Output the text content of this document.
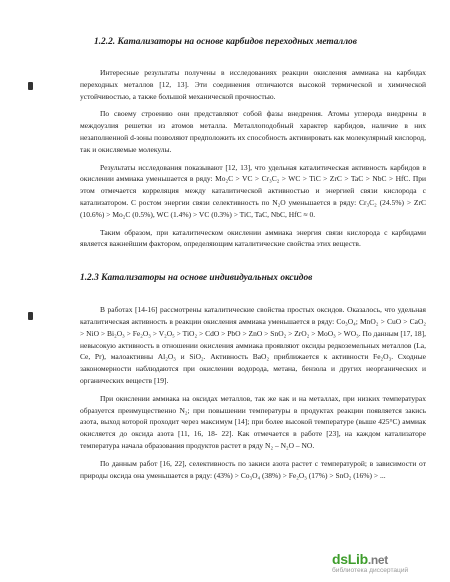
1.2.2. Катализаторы на основе карбидов переходных металлов

Интересные результаты получены в исследованиях реакции окисления аммиака на карбидах переходных металлов [12, 13]. Эти соединения отличаются высокой термической и химической устойчивостью, а также большой механической прочностью.

По своему строению они представляют собой фазы внедрения. Атомы углерода внедрены в междоузлия решетки из атомов металла. Металлоподобный характер карбидов, наличие в них незаполненной d-зоны позволяют предположить их способность активировать как молекулярный кислород, так и окисляемые молекулы.

Результаты исследования показывают [12, 13], что удельная каталитическая активность карбидов в окислении аммиака уменьшается в ряду: Mo₂C > VC > Cr₃C₂ > WC > TiC > ZrC > TaC > NbC > HfC. При этом отмечается корреляция между каталитической активностью и энергией связи кислорода с катализатором. С ростом энергии связи селективность по N₂O уменьшается в ряду: Cr₃C₂ (24.5%) > ZrC (10.6%) > Mo₂C (0.5%), WC (1.4%) > VC (0.3%) > TiC, TaC, NbC, HfC ≈ 0.

Таким образом, при каталитическом окислении аммиака энергия связи кислорода с карбидами является важнейшим фактором, определяющим каталитические свойства этих веществ.

1.2.3 Катализаторы на основе индивидуальных оксидов

В работах [14-16] рассмотрены каталитические свойства простых оксидов. Оказалось, что удельная каталитическая активность в реакции окисления аммиака уменьшается в ряду: Co₃O₄; MnO₂ > CuO > CaO₂ > NiO > Bi₂O₃ > Fe₂O₃ > V₂O₅ > TiO₂ > CdO > PbO > ZnO > SnO₂ > ZrO₂ > MoO₃ > WO₃. По данным [17, 18], невысокую активность в отношении окисления аммиака проявляют оксиды редкоземельных металлов (La, Ce, Pr), малоактивны Al₂O₃ и SiO₂. Активность BaO₂ приближается к активности Fe₂O₃. Сходные закономерности наблюдаются при окислении водорода, метана, бензола и других неорганических и органических веществ [19].

При окислении аммиака на оксидах металлов, так же как и на металлах, при низких температурах образуется преимущественно N₂; при повышении температуры в продуктах реакции появляется закись азота, выход которой проходит через максимум [14]; при более высокой температуре (выше 425°C) аммиак окисляется до оксида азота [11, 16, 18- 22]. Как отмечается в работе [23], на каждом катализаторе температура начала образования продуктов растет в ряду N₂ – N₂O – NO.

По данным работ [16, 22], селективность по закиси азота растет с температурой; в зависимости от природы оксида она уменьшается в ряду: (43%) > Co₃O₄ (38%) > Fe₂O₃ (17%) > SnO₂ (16%) > ...

dsLib.net
библиотека диссертаций
